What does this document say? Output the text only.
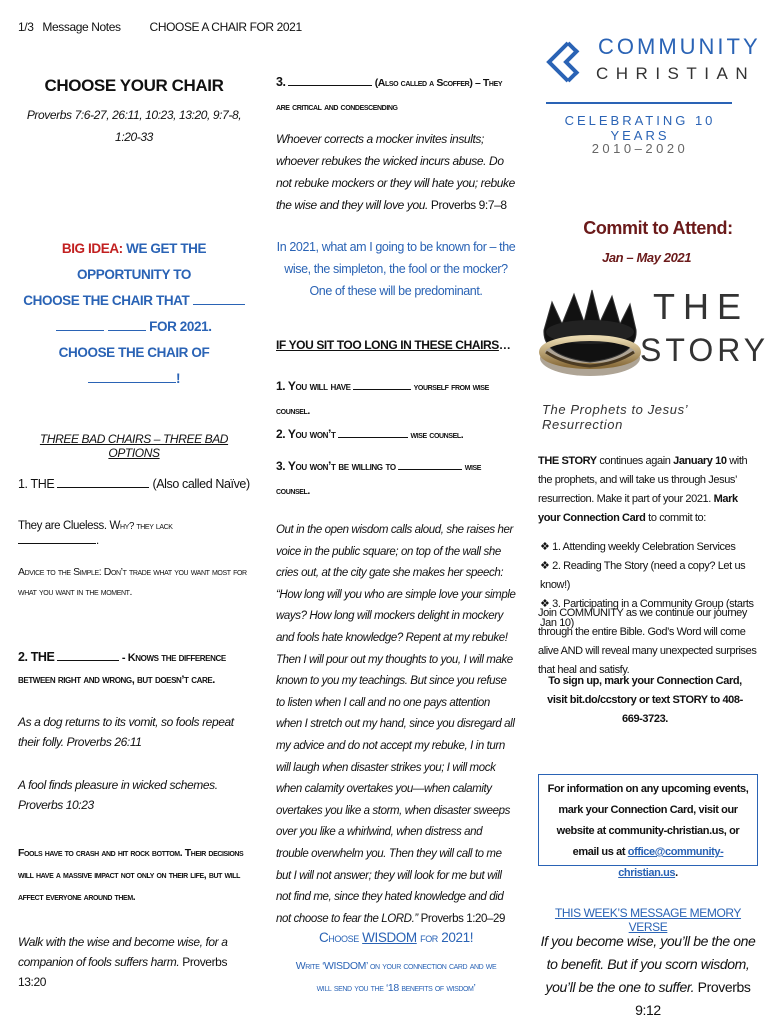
1/3 Message Notes CHOOSE A CHAIR FOR 2021
CHOOSE YOUR CHAIR
Proverbs 7:6-27, 26:11, 10:23, 13:20, 9:7-8, 1:20-33
BIG IDEA: WE GET THE OPPORTUNITY TO
CHOOSE THE CHAIR THAT
FOR 2021.
CHOOSE THE CHAIR OF !
THREE BAD CHAIRS – THREE BAD OPTIONS
1. THE	(Also called Naïve)
They are Clueless. Why? they lack .
Advice to the Simple: Don’t trade what you want most for what you want in the moment.
2. THE	- Knows the difference between right and wrong, but doesn’t care.
As a dog returns to its vomit, so fools repeat their folly. Proverbs 26:11
A fool finds pleasure in wicked schemes. Proverbs 10:23
Fools have to crash and hit rock bottom. Their decisions will have a massive impact not only on their life, but will affect everyone around them.
Walk with the wise and become wise, for a companion of fools suffers harm. Proverbs 13:20
3.	(Also called a Scoffer) – They are critical and condescending
Whoever corrects a mocker invites insults; whoever rebukes the wicked incurs abuse. Do not rebuke mockers or they will hate you; rebuke the wise and they will love you. Proverbs 9:7–8
In 2021, what am I going to be known for – the wise, the simpleton, the fool or the mocker? One of these will be predominant.
IF YOU SIT TOO LONG IN THESE CHAIRS…
1. You will have	yourself from wise counsel.
2. You won’t	wise counsel.
3. You won’t be willing to	wise counsel.
Out in the open wisdom calls aloud, she raises her voice in the public square; on top of the wall she cries out, at the city gate she makes her speech: “How long will you who are simple love your simple ways? How long will mockers delight in mockery and fools hate knowledge? Repent at my rebuke! Then I will pour out my thoughts to you, I will make known to you my teachings. But since you refuse to listen when I call and no one pays attention when I stretch out my hand, since you disregard all my advice and do not accept my rebuke, I in turn will laugh when disaster strikes you; I will mock when calamity overtakes you—when calamity overtakes you like a storm, when disaster sweeps over you like a whirlwind, when distress and trouble overwhelm you. Then they will call to me but I will not answer; they will look for me but will not find me, since they hated knowledge and did not choose to fear the LORD.” Proverbs 1:20–29
Choose WISDOM for 2021!
Write ‘WISDOM’ on your connection card and we
will send you the ‘18 benefits of wisdom’
COMMUNITY
CHRISTIAN
CELEBRATING 10 YEARS
2010–2020
Commit to Attend:
Jan – May 2021
THE
STORY
The Prophets to Jesus’ Resurrection
THE STORY continues again January 10 with the prophets, and will take us through Jesus’ resurrection. Make it part of your 2021. Mark your Connection Card to commit to:
❖ 1. Attending weekly Celebration Services
❖ 2. Reading The Story (need a copy? Let us know!)
❖ 3. Participating in a Community Group (starts Jan 10)
Join COMMUNITY as we continue our journey through the entire Bible. God’s Word will come alive AND will reveal many unexpected surprises that heal and satisfy.
To sign up, mark your Connection Card, visit bit.do/ccstory or text STORY to 408-669-3723.
For information on any upcoming events, mark your Connection Card, visit our website at community-christian.us, or email us at office@community-christian.us.
THIS WEEK’S MESSAGE MEMORY VERSE
If you become wise, you’ll be the one to benefit. But if you scorn wisdom, you’ll be the one to suffer. Proverbs 9:12
